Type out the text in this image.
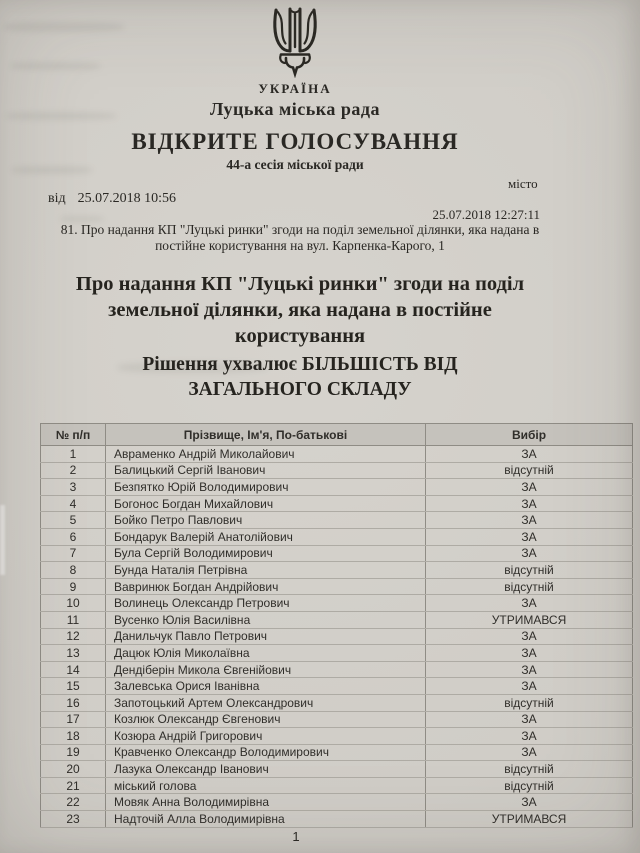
УКРАЇНА
Луцька міська рада
ВІДКРИТЕ ГОЛОСУВАННЯ
44-а сесія міської ради
місто
від 25.07.2018 10:56
25.07.2018 12:27:11
81. Про надання КП "Луцькі ринки" згоди на поділ земельної ділянки, яка надана в постійне користування на вул. Карпенка-Карого, 1
Про надання КП "Луцькі ринки" згоди на поділ земельної ділянки, яка надана в постійне користування
Рішення ухвалює БІЛЬШІСТЬ ВІД ЗАГАЛЬНОГО СКЛАДУ
№ п/п	Прізвище, Ім'я, По-батькові	Вибір
1	Авраменко Андрій Миколайович	ЗА
2	Балицький Сергій Іванович	відсутній
3	Безпятко Юрій Володимирович	ЗА
4	Богонос Богдан Михайлович	ЗА
5	Бойко Петро Павлович	ЗА
6	Бондарук Валерій Анатолійович	ЗА
7	Була Сергій Володимирович	ЗА
8	Бунда Наталія Петрівна	відсутній
9	Вавринюк Богдан Андрійович	відсутній
10	Волинець Олександр Петрович	ЗА
11	Вусенко Юлія Василівна	УТРИМАВСЯ
12	Данильчук Павло Петрович	ЗА
13	Дацюк Юлія Миколаївна	ЗА
14	Дендіберін Микола Євгенійович	ЗА
15	Залевська Орися Іванівна	ЗА
16	Запотоцький Артем Олександрович	відсутній
17	Козлюк Олександр Євгенович	ЗА
18	Козюра Андрій Григорович	ЗА
19	Кравченко Олександр Володимирович	ЗА
20	Лазука Олександр Іванович	відсутній
21	міський голова	відсутній
22	Мовяк Анна Володимирівна	ЗА
23	Надточій Алла Володимирівна	УТРИМАВСЯ
1
